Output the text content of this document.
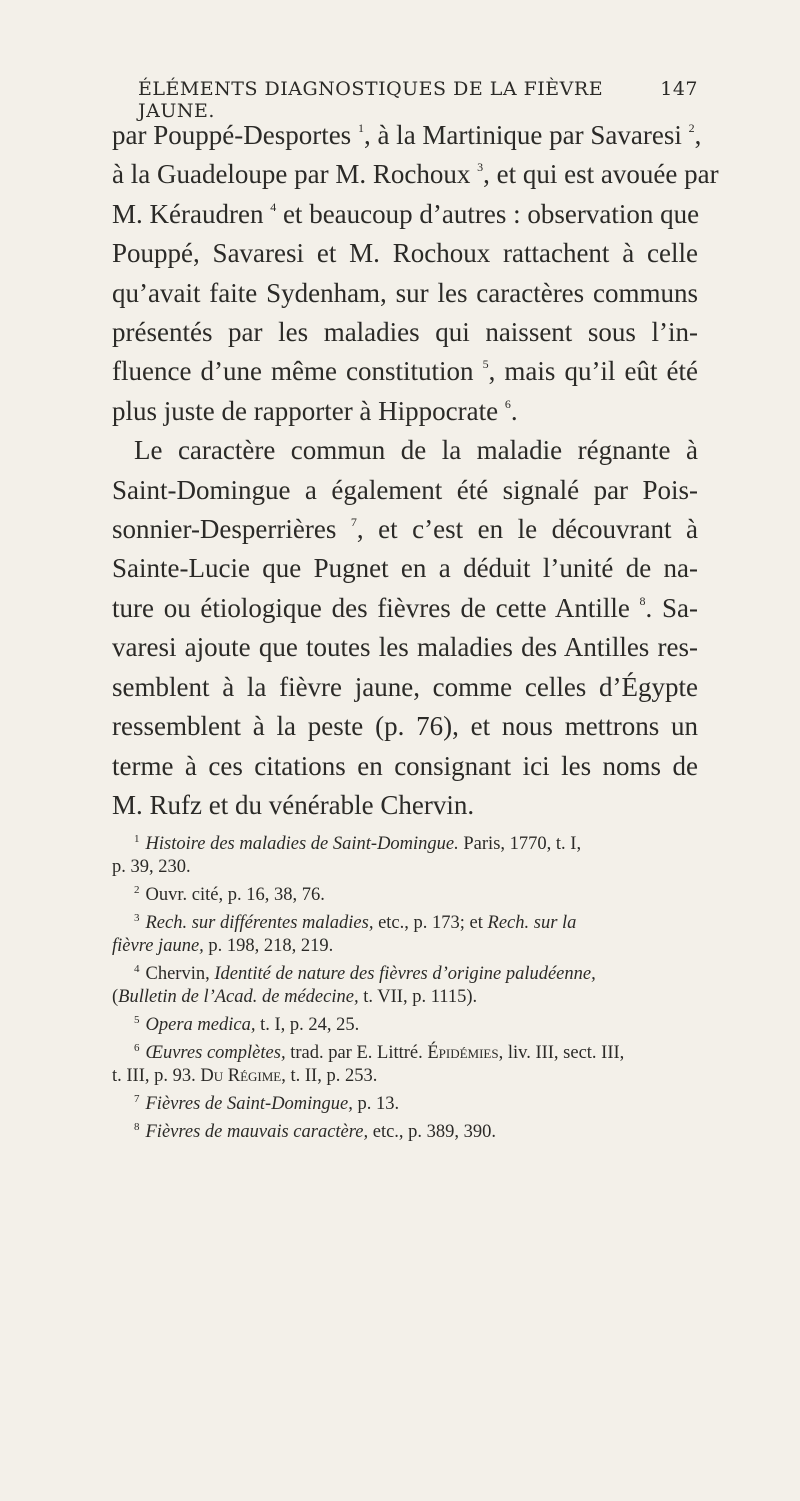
ÉLÉMENTS DIAGNOSTIQUES DE LA FIÈVRE JAUNE.
147
par Pouppé-Desportes $^1$, à la Martinique par Savaresi $^2$,
à la Guadeloupe par M. Rochoux $^3$, et qui est avouée par
M. Kéraudren $^4$ et beaucoup d’autres : observation que
Pouppé, Savaresi et M. Rochoux rattachent à celle
qu’avait faite Sydenham, sur les caractères communs
présentés par les maladies qui naissent sous l’in-
fluence d’une même constitution $^5$, mais qu’il eût été
plus juste de rapporter à Hippocrate $^6$.
Le caractère commun de la maladie régnante à
Saint-Domingue a également été signalé par Pois-
sonnier-Desperrières $^7$, et c’est en le découvrant à
Sainte-Lucie que Pugnet en a déduit l’unité de na-
ture ou étiologique des fièvres de cette Antille $^8$. Sa-
varesi ajoute que toutes les maladies des Antilles res-
semblent à la fièvre jaune, comme celles d’Égypte
ressemblent à la peste (p. 76), et nous mettrons un
terme à ces citations en consignant ici les noms de
M. Rufz et du vénérable Chervin.
$^1$ Histoire des maladies de Saint-Domingue. Paris, 1770, t. I,
p. 39, 230.
$^2$ Ouvr. cité, p. 16, 38, 76.
$^3$ Rech. sur différentes maladies, etc., p. 173; et Rech. sur la
fièvre jaune, p. 198, 218, 219.
$^4$ Chervin, Identité de nature des fièvres d’origine paludéenne,
(Bulletin de l’Acad. de médecine, t. VII, p. 1115).
$^5$ Opera medica, t. I, p. 24, 25.
$^6$ Œuvres complètes, trad. par E. Littré. Épidémies, liv. III, sect. III,
t. III, p. 93. Du Régime, t. II, p. 253.
$^7$ Fièvres de Saint-Domingue, p. 13.
$^8$ Fièvres de mauvais caractère, etc., p. 389, 390.
